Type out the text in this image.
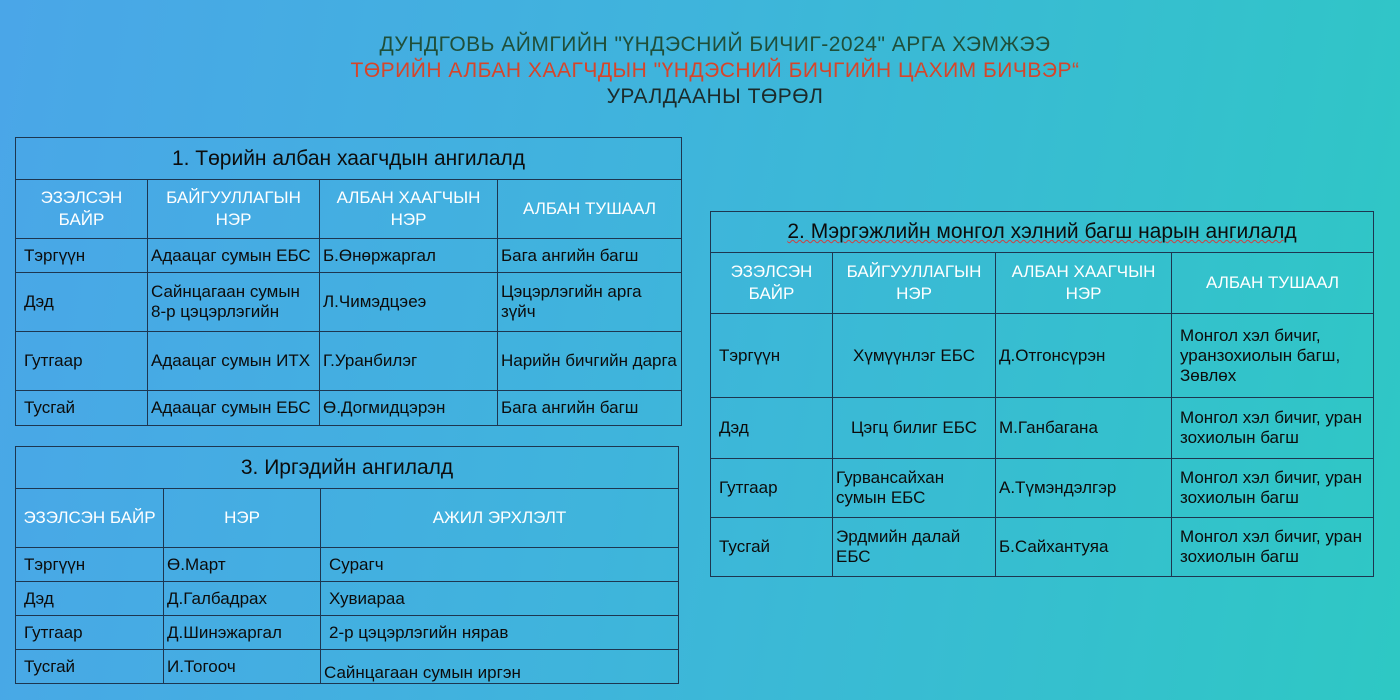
ДУНДГОВЬ АЙМГИЙН "ҮНДЭСНИЙ БИЧИГ-2024" АРГА ХЭМЖЭЭ
ТӨРИЙН АЛБАН ХААГЧДЫН "ҮНДЭСНИЙ БИЧГИЙН ЦАХИМ БИЧВЭР“
УРАЛДААНЫ ТӨРӨЛ
1. Төрийн албан хаагчдын ангилалд			
ЭЗЭЛСЭН БАЙР	БАЙГУУЛЛАГЫН НЭР	АЛБАН ХААГЧЫН НЭР	АЛБАН ТУШААЛ
Тэргүүн	Адаацаг сумын ЕБС	Б.Өнөржаргал	Бага ангийн багш
Дэд	Сайнцагаан сумын 8-р цэцэрлэгийн	Л.Чимэдцэеэ	Цэцэрлэгийн арга зүйч
Гутгаар	Адаацаг сумын ИТХ	Г.Уранбилэг	Нарийн бичгийн дарга
Тусгай	Адаацаг сумын ЕБС	Ө.Догмидцэрэн	Бага ангийн багш
2. Мэргэжлийн монгол хэлний багш нарын ангилалд			
ЭЗЭЛСЭН БАЙР	БАЙГУУЛЛАГЫН НЭР	АЛБАН ХААГЧЫН НЭР	АЛБАН ТУШААЛ
Тэргүүн	Хүмүүнлэг ЕБС	Д.Отгонсүрэн	Монгол хэл бичиг, уранзохиолын багш, Зөвлөх
Дэд	Цэгц билиг ЕБС	М.Ганбагана	Монгол хэл бичиг, уран зохиолын багш
Гутгаар	Гурвансайхан сумын ЕБС	А.Түмэндэлгэр	Монгол хэл бичиг, уран зохиолын багш
Тусгай	Эрдмийн далай ЕБС	Б.Сайхантуяа	Монгол хэл бичиг, уран зохиолын багш
3. Иргэдийн ангилалд		
ЭЗЭЛСЭН БАЙР	НЭР	АЖИЛ ЭРХЛЭЛТ
Тэргүүн	Ө.Март	Сурагч
Дэд	Д.Галбадрах	Хувиараа
Гутгаар	Д.Шинэжаргал	2-р цэцэрлэгийн нярав
Тусгай	И.Тогооч	Сайнцагаан сумын иргэн
